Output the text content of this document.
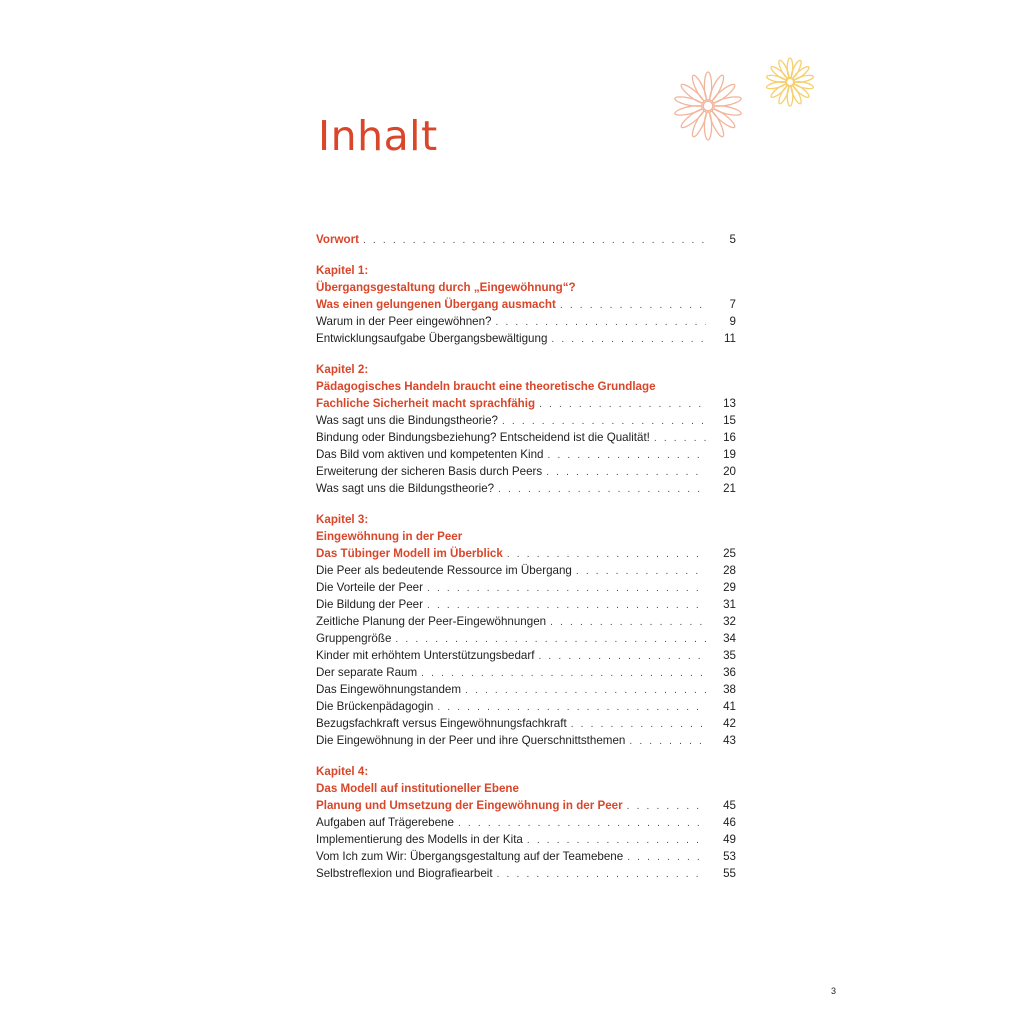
Inhalt
Vorwort . . .	5
Kapitel 1:
Übergangsgestaltung durch „Eingewöhnung“?
Was einen gelungenen Übergang ausmacht . . .	7
Warum in der Peer eingewöhnen? . . .	9
Entwicklungsaufgabe Übergangsbewältigung . . .	11
Kapitel 2:
Pädagogisches Handeln braucht eine theoretische Grundlage
Fachliche Sicherheit macht sprachfähig . . .	13
Was sagt uns die Bindungstheorie? . . .	15
Bindung oder Bindungsbeziehung? Entscheidend ist die Qualität! . . .	16
Das Bild vom aktiven und kompetenten Kind . . .	19
Erweiterung der sicheren Basis durch Peers . . .	20
Was sagt uns die Bildungstheorie? . . .	21
Kapitel 3:
Eingewöhnung in der Peer
Das Tübinger Modell im Überblick . . .	25
Die Peer als bedeutende Ressource im Übergang . . .	28
Die Vorteile der Peer . . .	29
Die Bildung der Peer . . .	31
Zeitliche Planung der Peer-Eingewöhnungen . . .	32
Gruppengröße . . .	34
Kinder mit erhöhtem Unterstützungsbedarf . . .	35
Der separate Raum . . .	36
Das Eingewöhnungstandem . . .	38
Die Brückenpädagogin . . .	41
Bezugsfachkraft versus Eingewöhnungsfachkraft . . .	42
Die Eingewöhnung in der Peer und ihre Querschnittsthemen . . .	43
Kapitel 4:
Das Modell auf institutioneller Ebene
Planung und Umsetzung der Eingewöhnung in der Peer . . .	45
Aufgaben auf Trägerebene . . .	46
Implementierung des Modells in der Kita . . .	49
Vom Ich zum Wir: Übergangsgestaltung auf der Teamebene . . .	53
Selbstreflexion und Biografiearbeit . . .	55
3
